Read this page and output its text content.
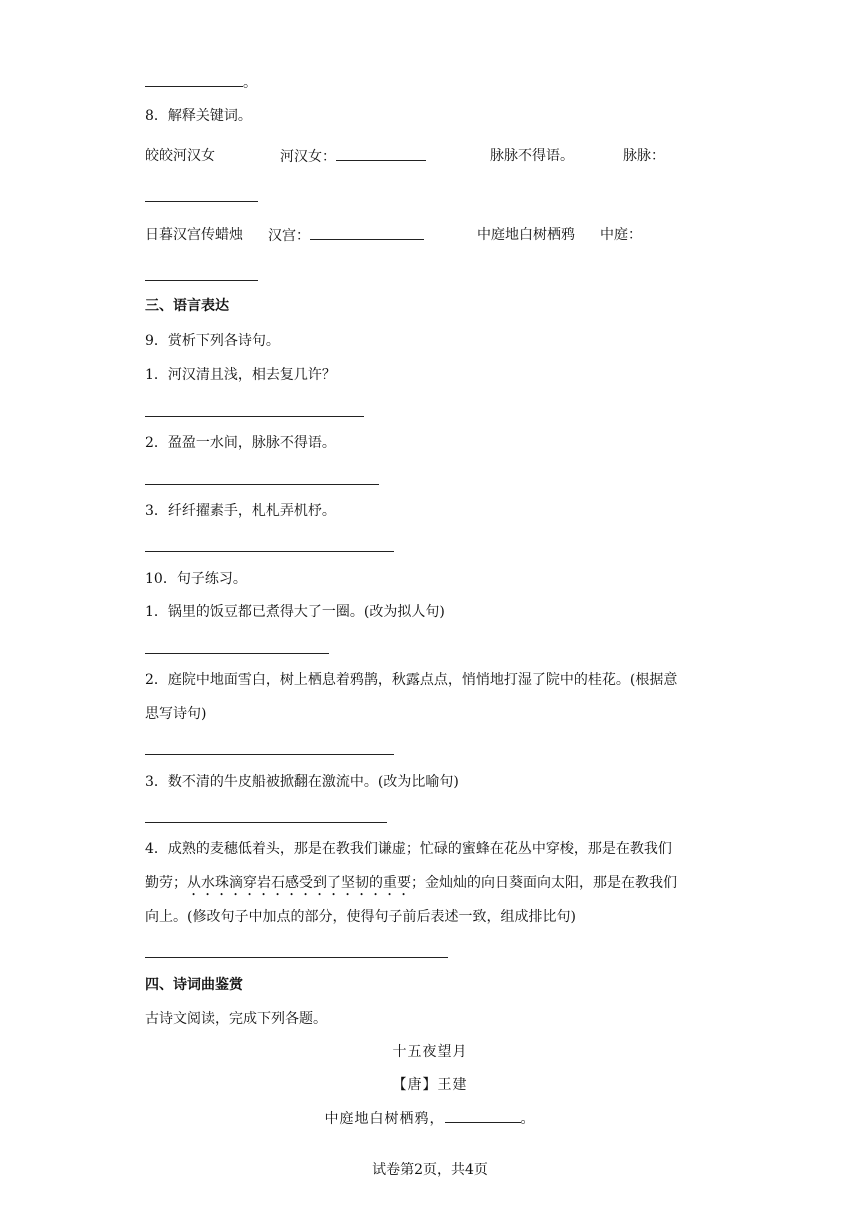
。
8．解释关键词。
皎皎河汉女	河汉女：	脉脉不得语。	脉脉：
日暮汉宫传蜡烛 汉宫：	中庭地白树栖鸦 中庭：
三、语言表达
9．赏析下列各诗句。
1．河汉清且浅，相去复几许？
2．盈盈一水间，脉脉不得语。
3．纤纤擢素手，札札弄机杼。
10．句子练习。
1．锅里的饭豆都已煮得大了一圈。(改为拟人句)
2．庭院中地面雪白，树上栖息着鸦鹊，秋露点点，悄悄地打湿了院中的桂花。(根据意
思写诗句)
3．数不清的牛皮船被掀翻在激流中。(改为比喻句)
4．成熟的麦穗低着头，那是在教我们谦虚；忙碌的蜜蜂在花丛中穿梭，那是在教我们
勤劳；从水珠滴穿岩石感受到了坚韧的重要；金灿灿的向日葵面向太阳，那是在教我们
向上。(修改句子中加点的部分，使得句子前后表述一致，组成排比句)
四、诗词曲鉴赏
古诗文阅读，完成下列各题。
十五夜望月
【唐】王建
中庭地白树栖鸦，	。
试卷第2页，共4页
